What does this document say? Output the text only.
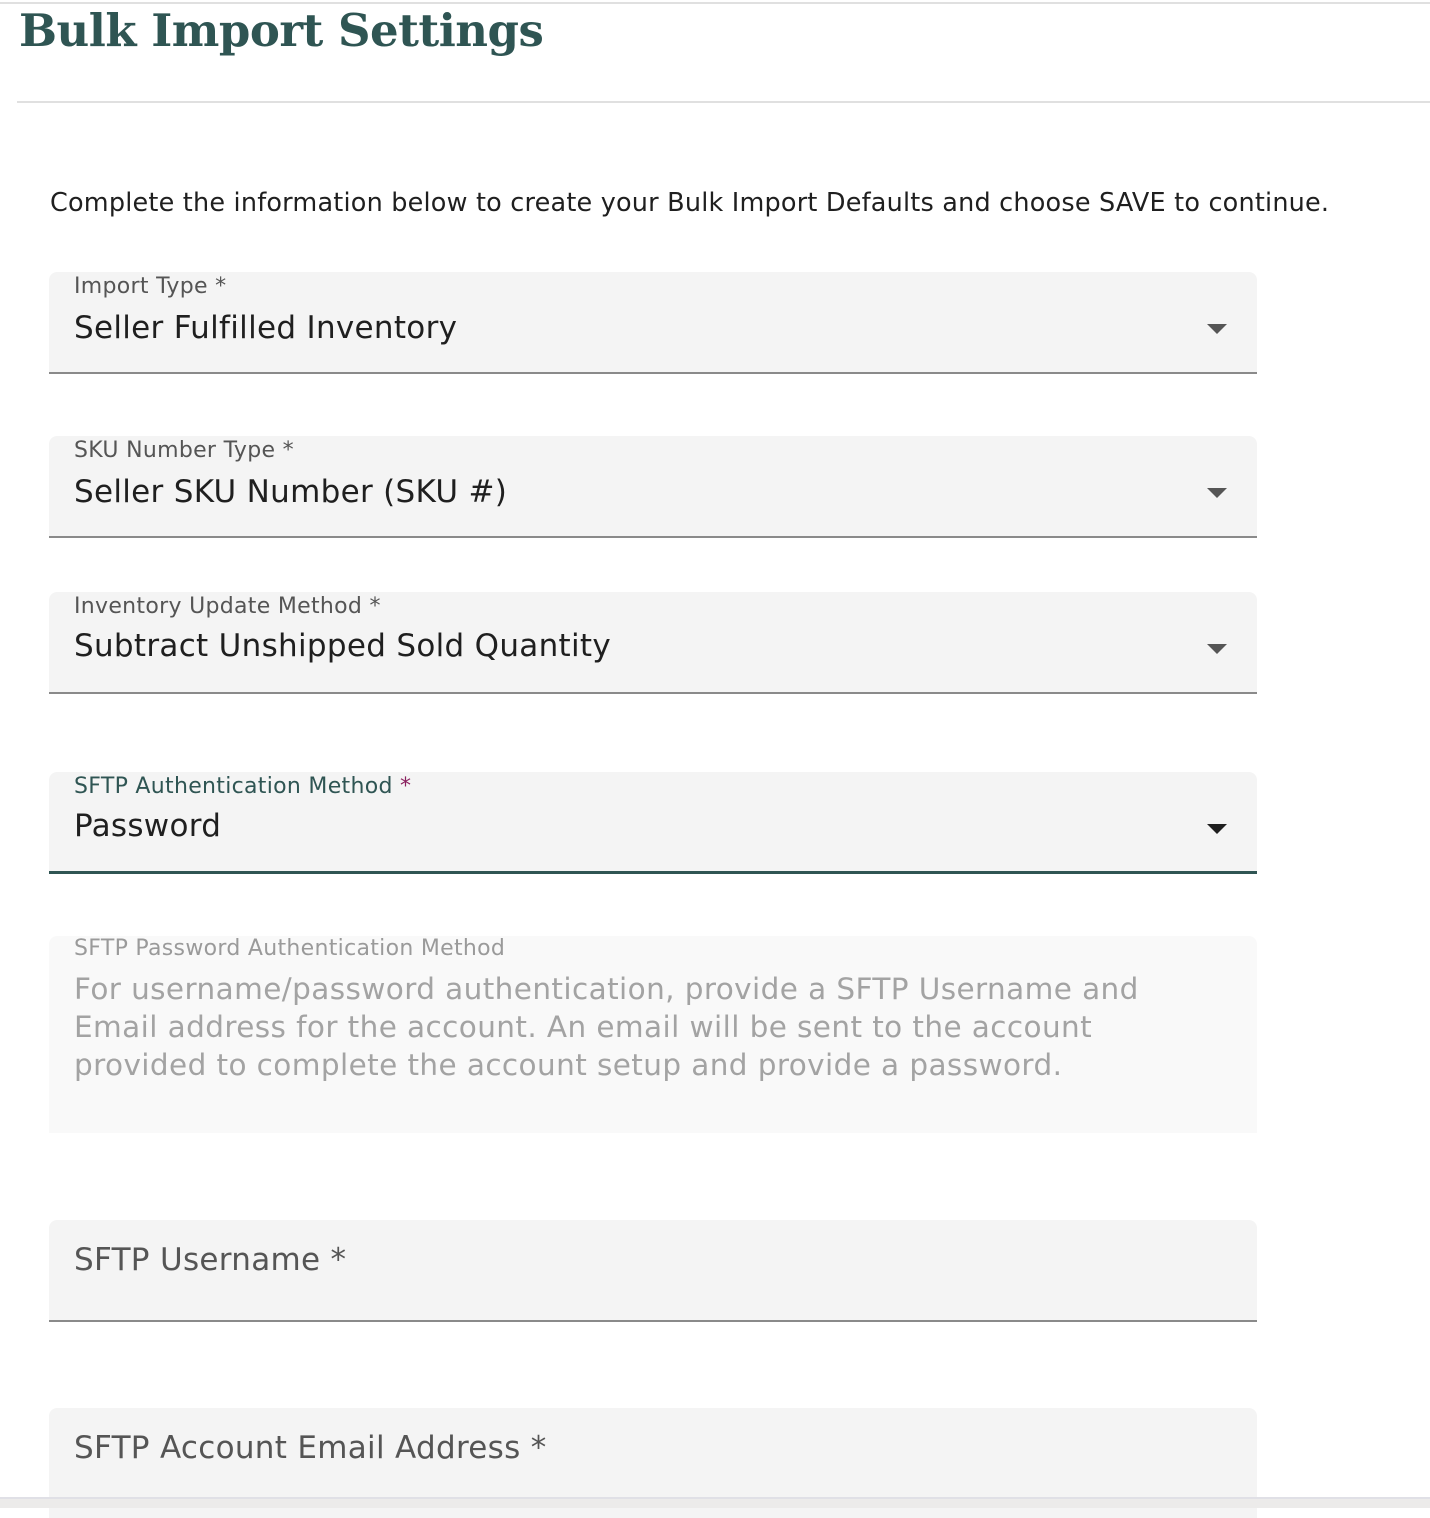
Bulk Import Settings
Complete the information below to create your Bulk Import Defaults and choose SAVE to continue.
Import Type *
Seller Fulfilled Inventory
SKU Number Type *
Seller SKU Number (SKU #)
Inventory Update Method *
Subtract Unshipped Sold Quantity
SFTP Authentication Method *
Password
SFTP Password Authentication Method
For username/password authentication, provide a SFTP Username and Email address for the account. An email will be sent to the account provided to complete the account setup and provide a password.
SFTP Username *
SFTP Account Email Address *
